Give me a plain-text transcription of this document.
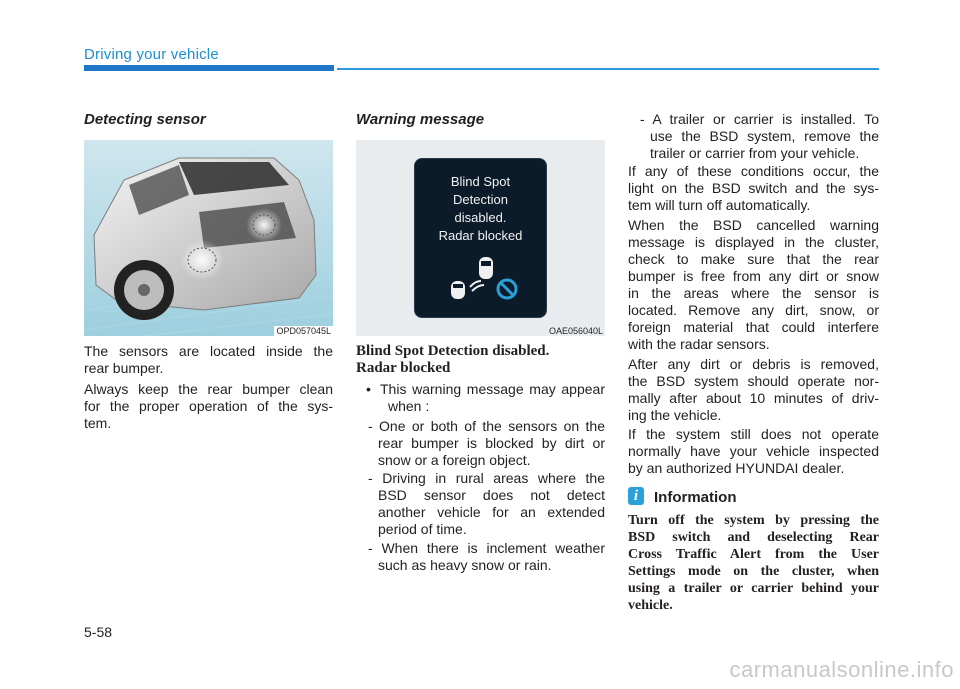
Driving your vehicle
Detecting sensor
OPD057045L
The sensors are located inside the
rear bumper.
Always keep the rear bumper clean
for the proper operation of the sys-
tem.
Warning message
OAE056040L
Blind Spot
Detection
disabled.
Radar blocked
Blind Spot Detection disabled.
Radar blocked
• This warning message may appear
when :
- One or both of the sensors on the
rear bumper is blocked by dirt or
snow or a foreign object.
- Driving in rural areas where the
BSD sensor does not detect
another vehicle for an extended
period of time.
- When there is inclement weather
such as heavy snow or rain.
- A trailer or carrier is installed. To
use the BSD system, remove the
trailer or carrier from your vehicle.
If any of these conditions occur, the
light on the BSD switch and the sys-
tem will turn off automatically.
When the BSD cancelled warning
message is displayed in the cluster,
check to make sure that the rear
bumper is free from any dirt or snow
in the areas where the sensor is
located. Remove any dirt, snow, or
foreign material that could interfere
with the radar sensors.
After any dirt or debris is removed,
the BSD system should operate nor-
mally after about 10 minutes of driv-
ing the vehicle.
If the system still does not operate
normally have your vehicle inspected
by an authorized HYUNDAI dealer.
i	Information
Turn off the system by pressing the
BSD switch and deselecting Rear
Cross Traffic Alert from the User
Settings mode on the cluster, when
using a trailer or carrier behind your
vehicle.
5-58
carmanualsonline.info
